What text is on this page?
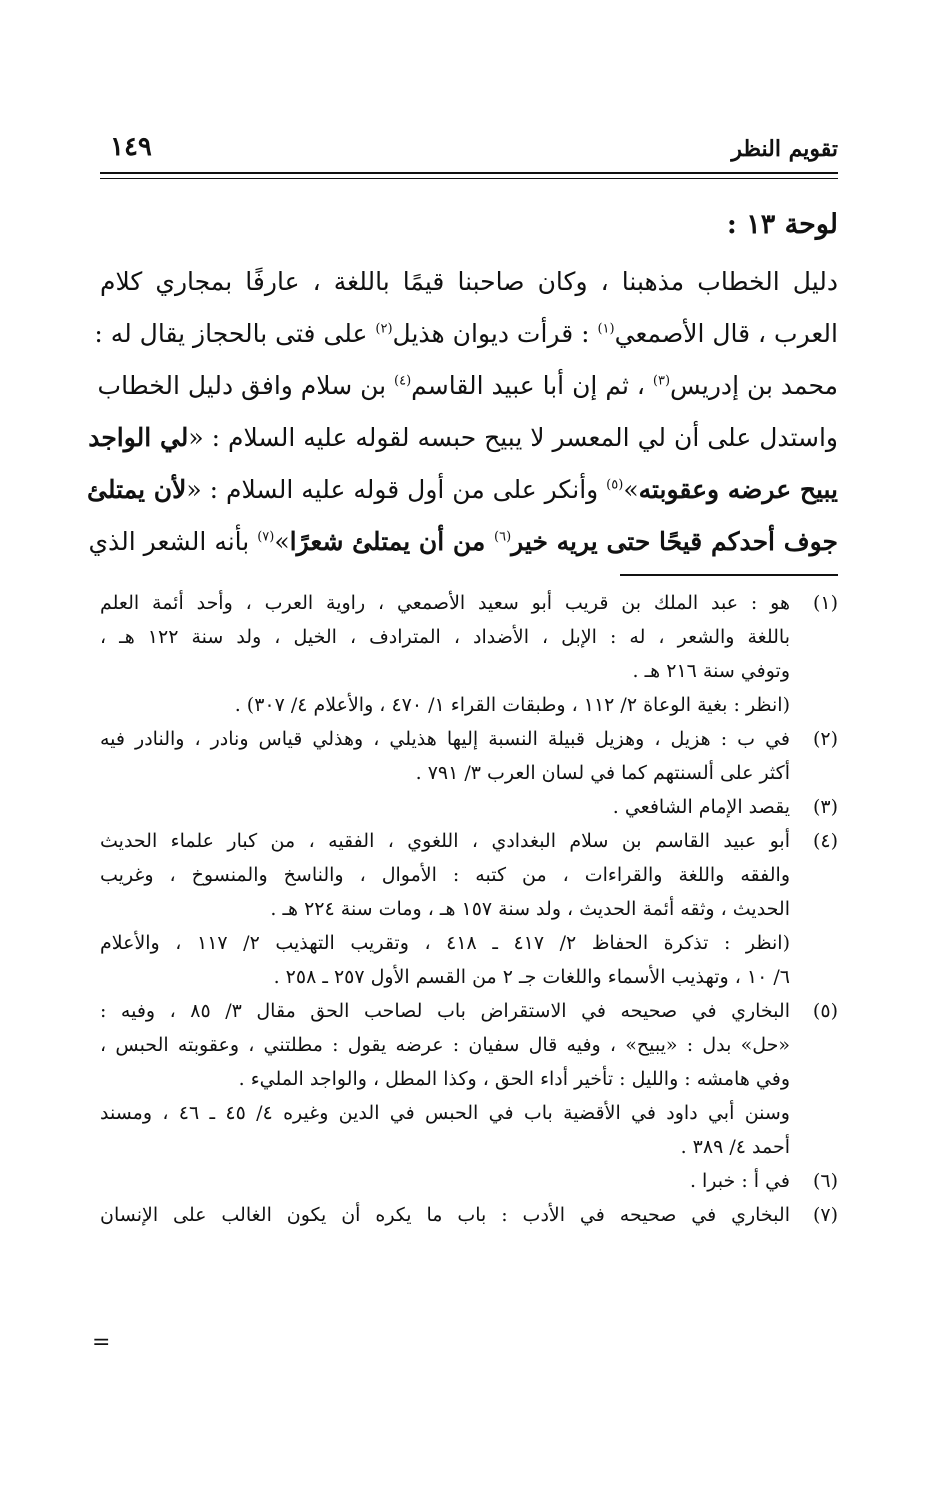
تقويم النظر
١٤٩
لوحة ١٣ :
دليل الخطاب مذهبنا ، وكان صاحبنا قيمًا باللغة ، عارفًا بمجاري كلام
العرب ، قال الأصمعي$^{(١)}$ : قرأت ديوان هذيل$^{(٢)}$ على فتى بالحجاز يقال له :
محمد بن إدريس$^{(٣)}$ ، ثم إن أبا عبيد القاسم$^{(٤)}$ بن سلام وافق دليل الخطاب
واستدل على أن لي المعسر لا يبيح حبسه لقوله عليه السلام : «لي الواجد
يبيح عرضه وعقوبته»$^{(٥)}$ وأنكر على من أول قوله عليه السلام : «لأن يمتلئ
جوف أحدكم قيحًا حتى يريه خير$^{(٦)}$ من أن يمتلئ شعرًا»$^{(٧)}$ بأنه الشعر الذي
(١)هو : عبد الملك بن قريب أبو سعيد الأصمعي ، راوية العرب ، وأحد أئمة العلم
باللغة والشعر ، له : الإبل ، الأضداد ، المترادف ، الخيل ، ولد سنة ١٢٢ هـ ،
وتوفي سنة ٢١٦ هـ .
(انظر : بغية الوعاة ٢/ ١١٢ ، وطبقات القراء ١/ ٤٧٠ ، والأعلام ٤/ ٣٠٧) .
(٢)في ب : هزيل ، وهزيل قبيلة النسبة إليها هذيلي ، وهذلي قياس ونادر ، والنادر فيه
أكثر على ألسنتهم كما في لسان العرب ٣/ ٧٩١ .
(٣)يقصد الإمام الشافعي .
(٤)أبو عبيد القاسم بن سلام البغدادي ، اللغوي ، الفقيه ، من كبار علماء الحديث
والفقه واللغة والقراءات ، من كتبه : الأموال ، والناسخ والمنسوخ ، وغريب
الحديث ، وثقه أئمة الحديث ، ولد سنة ١٥٧ هـ ، ومات سنة ٢٢٤ هـ .
(انظر : تذكرة الحفاظ ٢/ ٤١٧ ـ ٤١٨ ، وتقريب التهذيب ٢/ ١١٧ ، والأعلام
٦/ ١٠ ، وتهذيب الأسماء واللغات جـ ٢ من القسم الأول ٢٥٧ ـ ٢٥٨ .
(٥)البخاري في صحيحه في الاستقراض باب لصاحب الحق مقال ٣/ ٨٥ ، وفيه :
«حل» بدل : «يبيح» ، وفيه قال سفيان : عرضه يقول : مطلتني ، وعقوبته الحبس ،
وفي هامشه : والليل : تأخير أداء الحق ، وكذا المطل ، والواجد المليء .
وسنن أبي داود في الأقضية باب في الحبس في الدين وغيره ٤/ ٤٥ ـ ٤٦ ، ومسند
أحمد ٤/ ٣٨٩ .
(٦)في أ : خبرا .
(٧)البخاري في صحيحه في الأدب : باب ما يكره أن يكون الغالب على الإنسان
=
